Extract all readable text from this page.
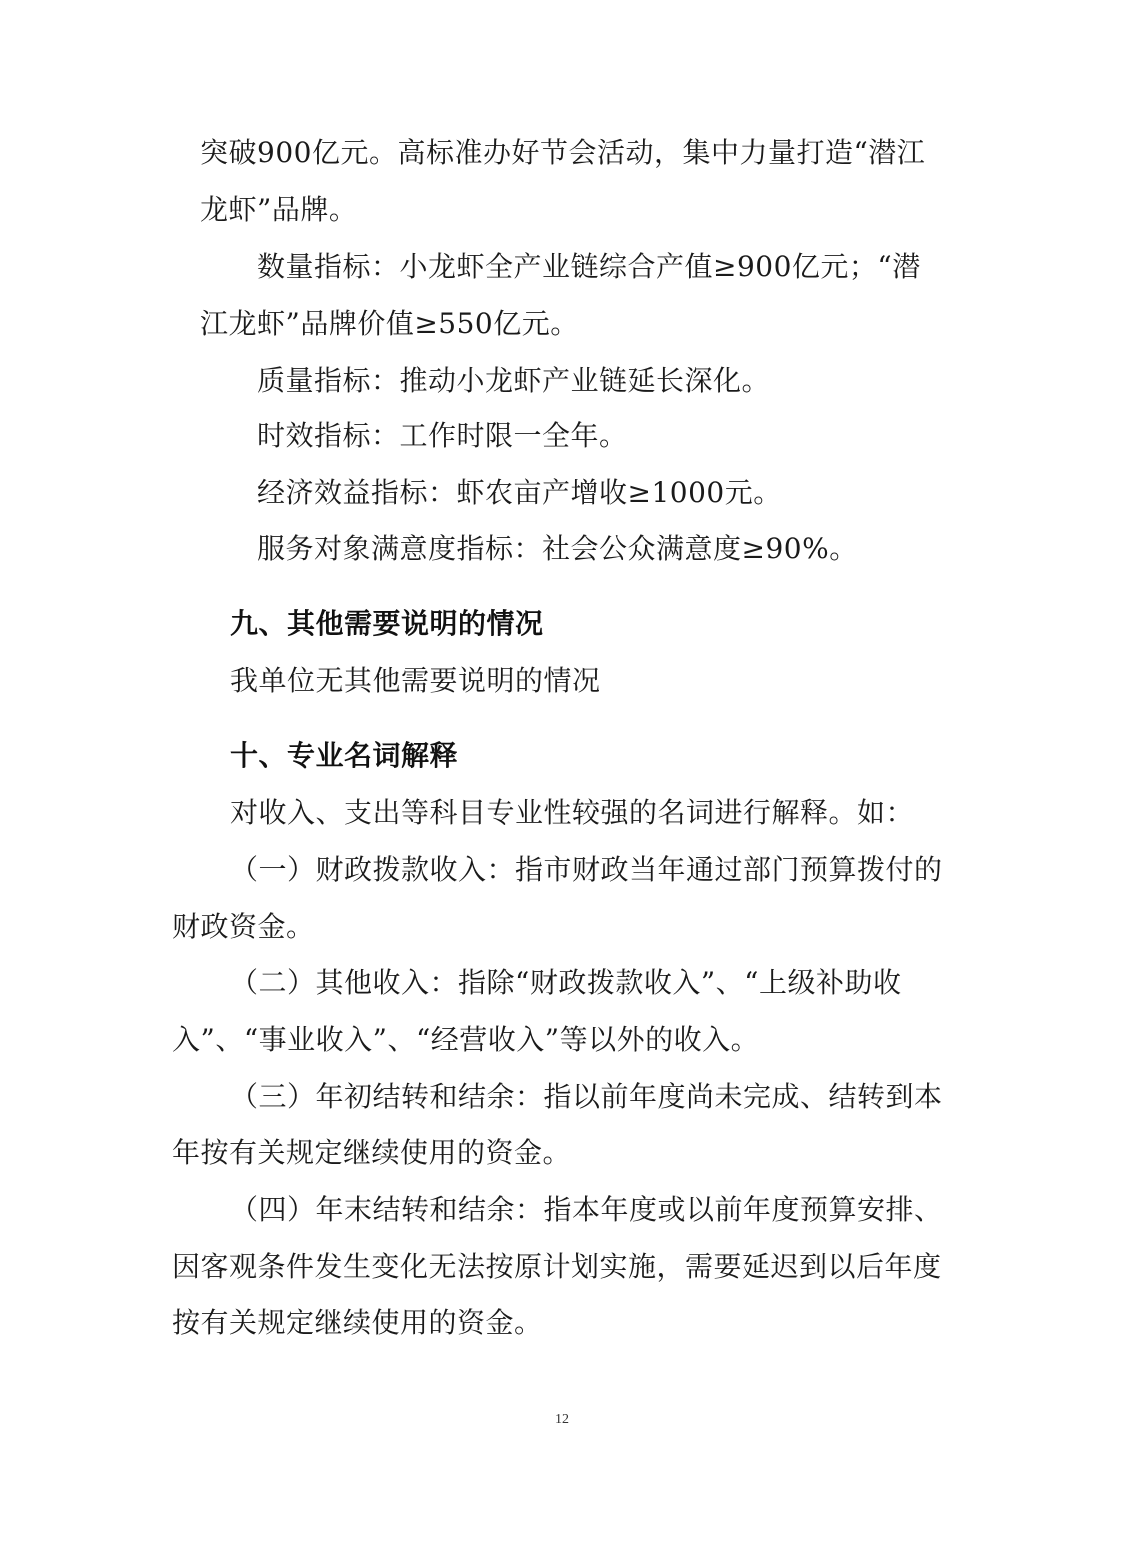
突破900亿元。高标准办好节会活动，集中力量打造“潜江
龙虾”品牌。
数量指标：小龙虾全产业链综合产值≥900亿元；“潜
江龙虾”品牌价值≥550亿元。
质量指标：推动小龙虾产业链延长深化。
时效指标：工作时限一全年。
经济效益指标：虾农亩产增收≥1000元。
服务对象满意度指标：社会公众满意度≥90%。
九、其他需要说明的情况
我单位无其他需要说明的情况
十、专业名词解释
对收入、支出等科目专业性较强的名词进行解释。如：
（一）财政拨款收入：指市财政当年通过部门预算拨付的
财政资金。
（二）其他收入：指除“财政拨款收入”、“上级补助收
入”、“事业收入”、“经营收入”等以外的收入。
（三）年初结转和结余：指以前年度尚未完成、结转到本
年按有关规定继续使用的资金。
（四）年末结转和结余：指本年度或以前年度预算安排、
因客观条件发生变化无法按原计划实施，需要延迟到以后年度
按有关规定继续使用的资金。
12
